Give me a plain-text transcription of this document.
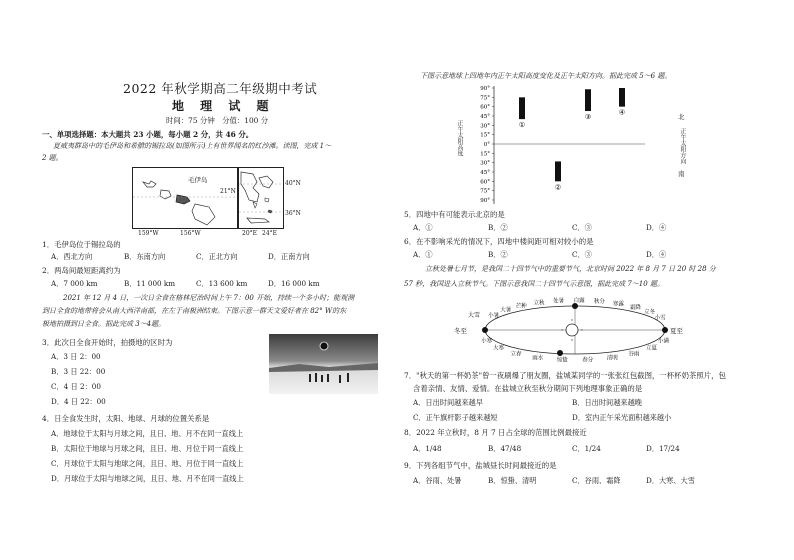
2022 年秋学期高二年级期中考试
地 理 试 题
时间：75 分钟　分值：100 分
一、单项选择题：本大题共 23 小题，每小题 2 分，共 46 分。
夏威夷群岛中的毛伊岛和希腊的锡拉岛(如图所示)上有世界闻名的红沙滩。读图，完成 1～
2 题。
毛伊岛
21°N
159°W	156°W
40°N
36°N
20°E 24°E
1．毛伊岛位于锡拉岛的
A．西北方向	B．东南方向	C．正北方向	D．正南方向
2．两岛间最短距离约为
A．7 000 km	B．11 000 km	C．13 600 km	D．16 000 km
2021 年 12 月 4 日，一次日全食在格林尼治时间上午 7：00 开始，持续一个多小时；能观测
到日全食的地带将会从南大西洋南部，在左于南极洲结束。下图示意一群天文爱好者在 82° W的东
极地拍摄到日全食。据此完成 3～4题。
3．此次日全食开始时，拍摄地的区时为
A．3 日 2：00
B．3 日 22：00
C．4 日 2：00
D．4 日 22：00
4．日全食发生时，太阳、地球、月球的位置关系是
A．地球位于太阳与月球之间，且日、地、月不在同一直线上
B．太阳位于地球与月球之间，且日、地、月位于同一直线上
C．月球位于太阳与地球之间，且日、地、月位于同一直线上
D．月球位于太阳与地球之间，且日、地、月不在同一直线上
下图示意地球上四地年内正午太阳高度变化及正午太阳方向。据此完成 5～6 题。
90°
75°
60°
45°
30°
15°
0°
15°
30°
45°
60°
75°
90°
①
②
③
④
正午太阳高度	正午太阳方向
北
南
5．四地中有可能表示北京的是
A．①	B．②	C．③	D．④
6．在不影响采光的情况下，四地中楼间距可相对较小的是
A．①	B．②	C．③	D．④
立秋处暑七月节，是我国二十四节气中的重要节气，北京时间 2022 年 8 月 7 日 20 时 28 分
57 秒，我国进入立秋节气。下图示意我国二十四节气示意图，据此完成 7～10 题。
小暑
大暑
芒种
立秋 处暑 白露 秋分 寒露
霜降
立冬
小雪
小寒
大寒
立春
雨水 惊蛰	春分 清明
谷雨
立夏
小满
冬至
大雪
夏至
7．"秋天的第一杯奶茶"曾一夜刷爆了朋友圈，盐城某同学的一张张红包截图，一杯杯奶茶照片，包
含着亲情、友情、爱情。在盐城立秋至秋分期间下列地理事象正确的是
A．日出时间越来越早	B．日出时间越来越晚
C．正午旗杆影子越来越短	D．室内正午采光面积越来越小
8．2022 年立秋时，8 月 7 日占全球的范围比例最接近
A．1/48	B．47/48	C．1/24	D．17/24
9．下列各组节气中，盐城昼长时间最接近的是
A．谷雨、处暑	B．惊蛰、清明	C．谷雨、霜降	D．大寒、大雪
